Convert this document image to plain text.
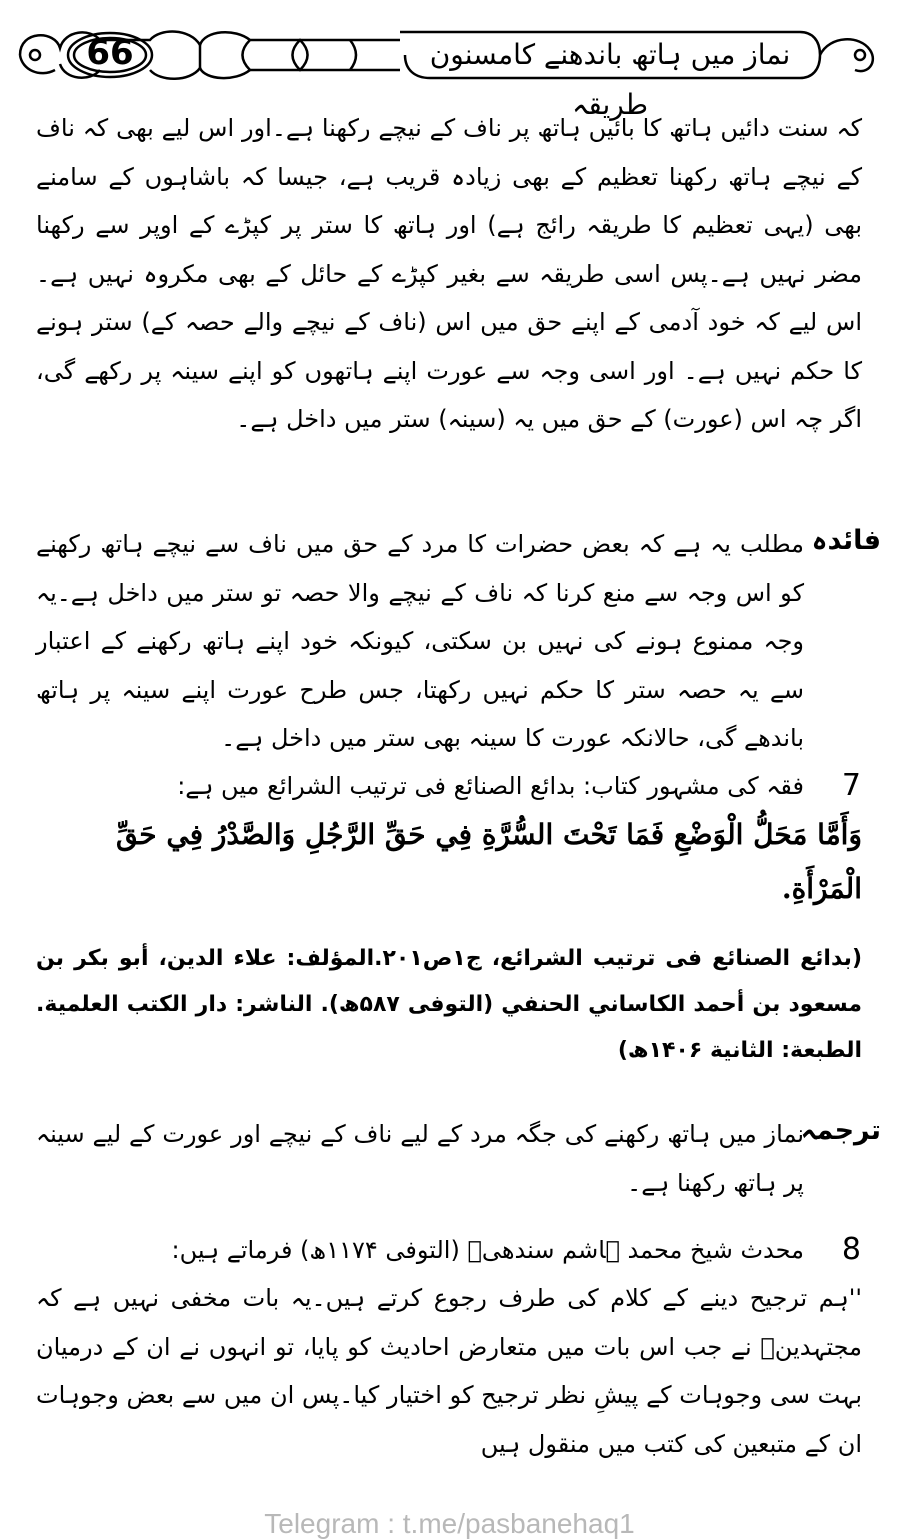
66	نماز میں ہاتھ باندھنے کامسنون طریقہ
کہ سنت دائیں ہاتھ کا بائیں ہاتھ پر ناف کے نیچے رکھنا ہے۔اور اس لیے بھی کہ ناف کے نیچے ہاتھ رکھنا تعظیم کے بھی زیادہ قریب ہے، جیسا کہ باشاہوں کے سامنے بھی (یہی تعظیم کا طریقہ رائج ہے) اور ہاتھ کا ستر پر کپڑے کے اوپر سے رکھنا مضر نہیں ہے۔پس اسی طریقہ سے بغیر کپڑے کے حائل کے بھی مکروہ نہیں ہے۔اس لیے کہ خود آدمی کے اپنے حق میں اس (ناف کے نیچے والے حصہ کے) ستر ہونے کا حکم نہیں ہے۔ اور اسی وجہ سے عورت اپنے ہاتھوں کو اپنے سینہ پر رکھے گی، اگر چہ اس (عورت) کے حق میں یہ (سینہ) ستر میں داخل ہے۔
فائدہ
مطلب یہ ہے کہ بعض حضرات کا مرد کے حق میں ناف سے نیچے ہاتھ رکھنے کو اس وجہ سے منع کرنا کہ ناف کے نیچے والا حصہ تو ستر میں داخل ہے۔یہ وجہ ممنوع ہونے کی نہیں بن سکتی، کیونکہ خود اپنے ہاتھ رکھنے کے اعتبار سے یہ حصہ ستر کا حکم نہیں رکھتا، جس طرح عورت اپنے سینہ پر ہاتھ باندھے گی، حالانکہ عورت کا سینہ بھی ستر میں داخل ہے۔
7
فقہ کی مشہور کتاب: بدائع الصنائع فی ترتیب الشرائع میں ہے:
وَأَمَّا مَحَلُّ الْوَضْعِ فَمَا تَحْتَ السُّرَّةِ فِي حَقِّ الرَّجُلِ وَالصَّدْرُ فِي حَقِّ الْمَرْأَةِ.
(بدائع الصنائع فی ترتیب الشرائع، ج۱ص۲۰۱.المؤلف: علاء الدين، أبو بكر بن مسعود بن أحمد الكاساني الحنفي (التوفی ۵۸۷ھ). الناشر: دار الكتب العلمية. الطبعة: الثانية ۱۴۰۶ھ)
ترجمہ
نماز میں ہاتھ رکھنے کی جگہ مرد کے لیے ناف کے نیچے اور عورت کے لیے سینہ پر ہاتھ رکھنا ہے۔
8
محدث شیخ محمد ہاشم سندھیؒ (التوفی ۱۱۷۴ھ) فرماتے ہیں:
''ہم ترجیح دینے کے کلام کی طرف رجوع کرتے ہیں۔یہ بات مخفی نہیں ہے کہ مجتہدینؒ نے جب اس بات میں متعارض احادیث کو پایا، تو انہوں نے ان کے درمیان بہت سی وجوہات کے پیشِ نظر ترجیح کو اختیار کیا۔پس ان میں سے بعض وجوہات ان کے متبعین کی کتب میں منقول ہیں
Telegram : t.me/pasbanehaq1
